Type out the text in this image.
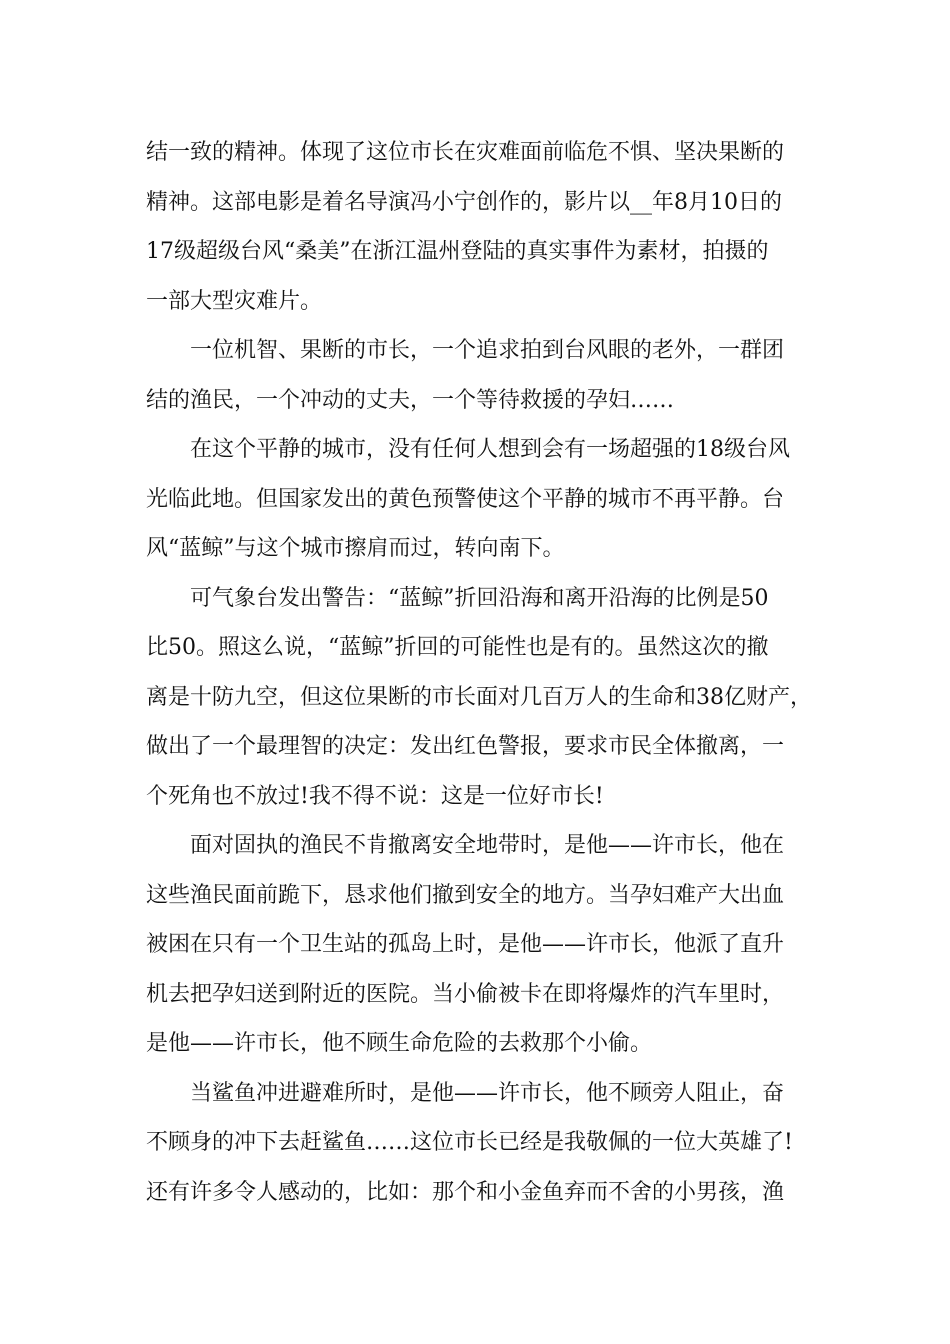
结一致的精神。体现了这位市长在灾难面前临危不惧、坚决果断的
精神。这部电影是着名导演冯小宁创作的，影片以__年8月10日的
17级超级台风“桑美”在浙江温州登陆的真实事件为素材，拍摄的
一部大型灾难片。
一位机智、果断的市长，一个追求拍到台风眼的老外，一群团
结的渔民，一个冲动的丈夫，一个等待救援的孕妇……
在这个平静的城市，没有任何人想到会有一场超强的18级台风
光临此地。但国家发出的黄色预警使这个平静的城市不再平静。台
风“蓝鲸”与这个城市擦肩而过，转向南下。
可气象台发出警告：“蓝鲸”折回沿海和离开沿海的比例是50
比50。照这么说，“蓝鲸”折回的可能性也是有的。虽然这次的撤
离是十防九空，但这位果断的市长面对几百万人的生命和38亿财产，
做出了一个最理智的决定：发出红色警报，要求市民全体撤离，一
个死角也不放过!我不得不说：这是一位好市长!
面对固执的渔民不肯撤离安全地带时，是他——许市长，他在
这些渔民面前跪下，恳求他们撤到安全的地方。当孕妇难产大出血
被困在只有一个卫生站的孤岛上时，是他——许市长，他派了直升
机去把孕妇送到附近的医院。当小偷被卡在即将爆炸的汽车里时，
是他——许市长，他不顾生命危险的去救那个小偷。
当鲨鱼冲进避难所时，是他——许市长，他不顾旁人阻止，奋
不顾身的冲下去赶鲨鱼……这位市长已经是我敬佩的一位大英雄了!
还有许多令人感动的，比如：那个和小金鱼弃而不舍的小男孩，渔
